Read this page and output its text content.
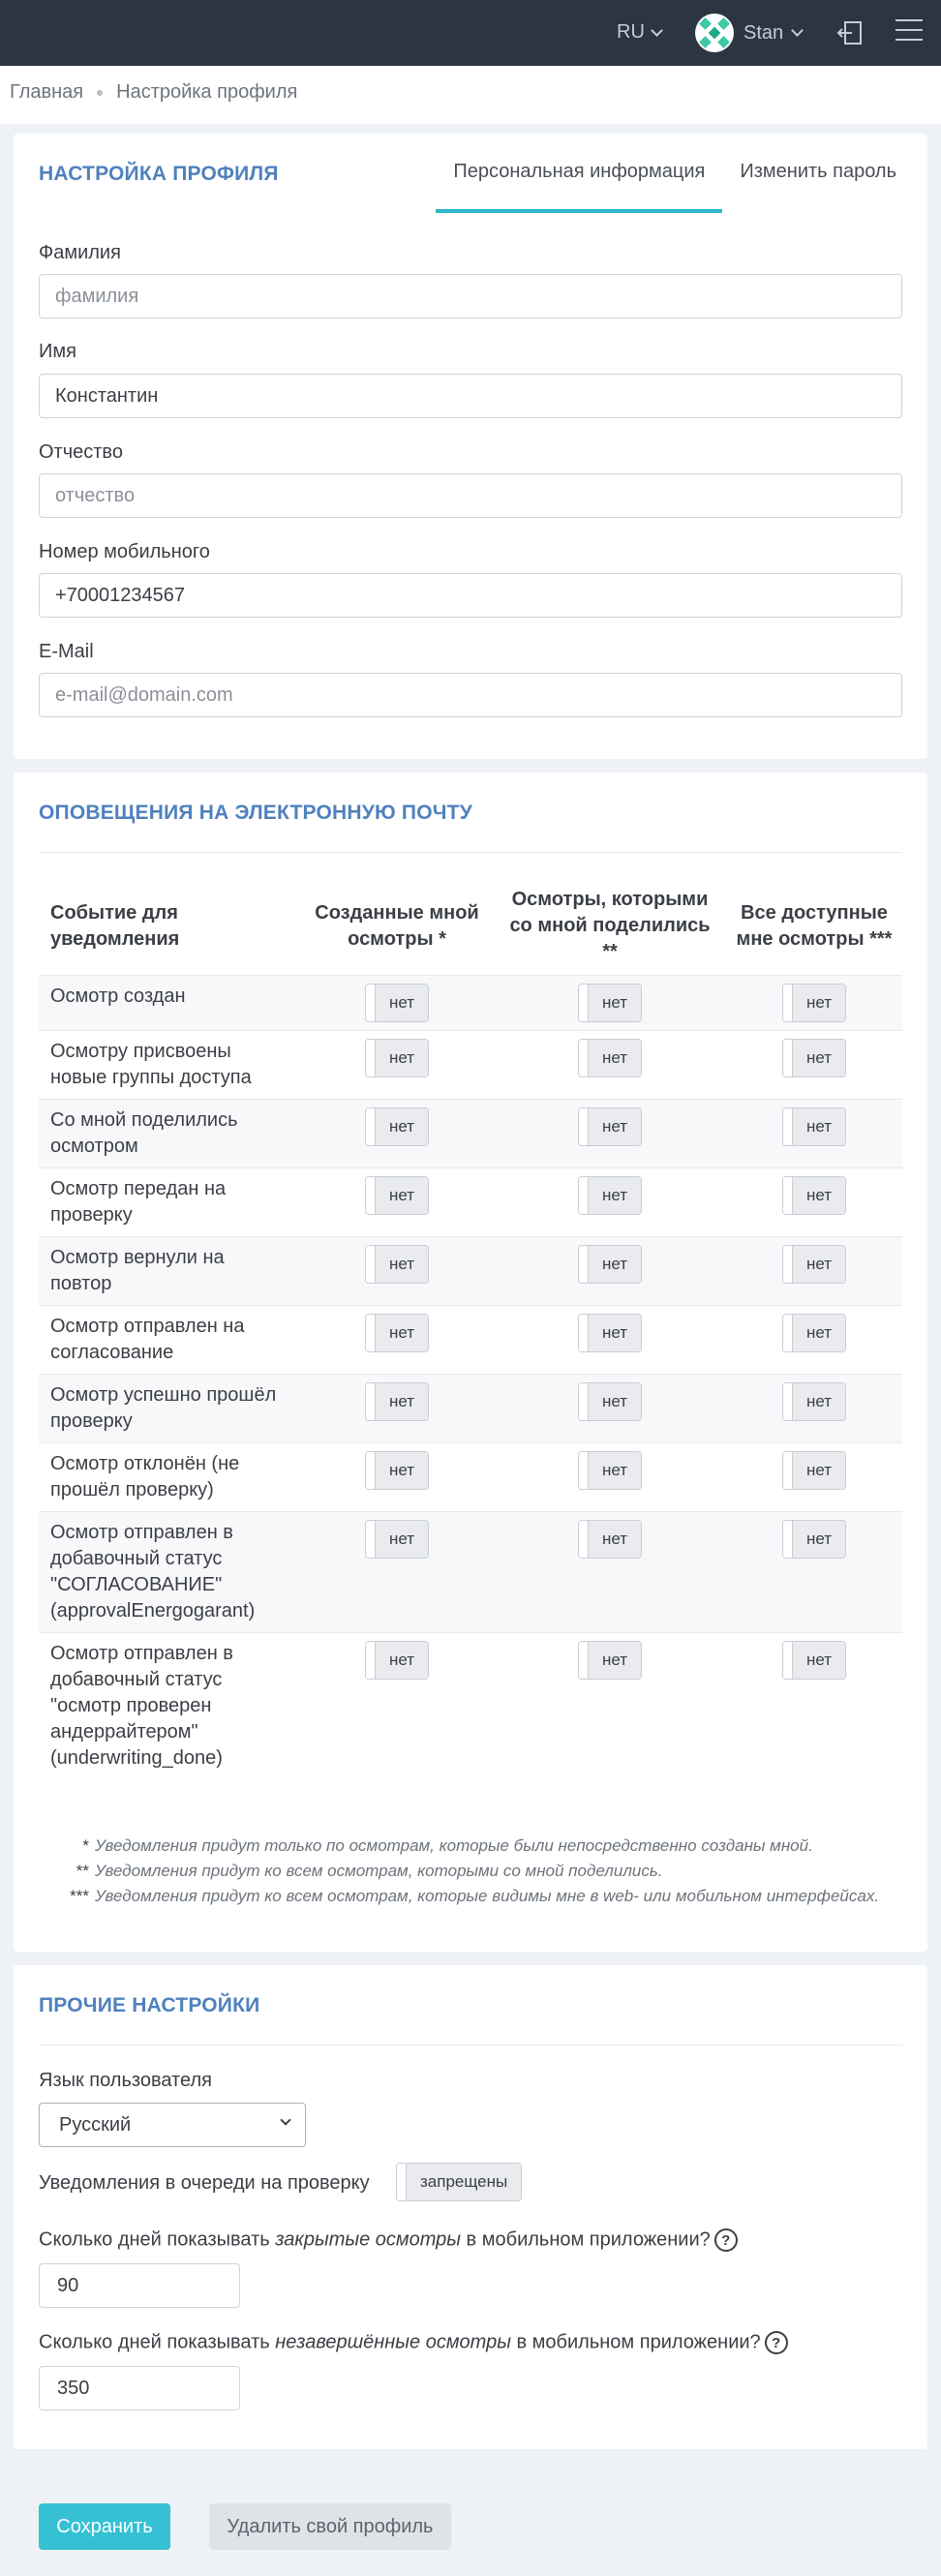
RU	Stan
Главная Настройка профиля
НАСТРОЙКА ПРОФИЛЯ	Персональная информация	Изменить пароль
Фамилия
фамилия
Имя
Константин
Отчество
отчество
Номер мобильного
+70001234567
E-Mail
e-mail@domain.com
ОПОВЕЩЕНИЯ НА ЭЛЕКТРОННУЮ ПОЧТУ
Событие для уведомления	Созданные мной осмотры *	Осмотры, которыми со мной поделились **	Все доступные мне осмотры ***
Осмотр создан	нет	нет	нет

Осмотру присвоены новые группы доступа	нет	нет	нет

Со мной поделились осмотром	нет	нет	нет

Осмотр передан на проверку	нет	нет	нет

Осмотр вернули на повтор	нет	нет	нет

Осмотр отправлен на согласование	нет	нет	нет

Осмотр успешно прошёл проверку	нет	нет	нет

Осмотр отклонён (не прошёл проверку)	нет	нет	нет

Осмотр отправлен в добавочный статус "СОГЛАСОВАНИЕ" (approvalEnergogarant)	нет	нет	нет

Осмотр отправлен в добавочный статус "осмотр проверен андеррайтером" (underwriting_done)	нет	нет	нет
* Уведомления придут только по осмотрам, которые были непосредственно созданы мной.
** Уведомления придут ко всем осмотрам, которыми со мной поделились.
*** Уведомления придут ко всем осмотрам, которые видимы мне в web- или мобильном интерфейсах.
ПРОЧИЕ НАСТРОЙКИ
Язык пользователя
Русский
Уведомления в очереди на проверку	запрещены
Сколько дней показывать закрытые осмотры в мобильном приложении? ?
90
Сколько дней показывать незавершённые осмотры в мобильном приложении? ?
350
Сохранить	Удалить свой профиль
